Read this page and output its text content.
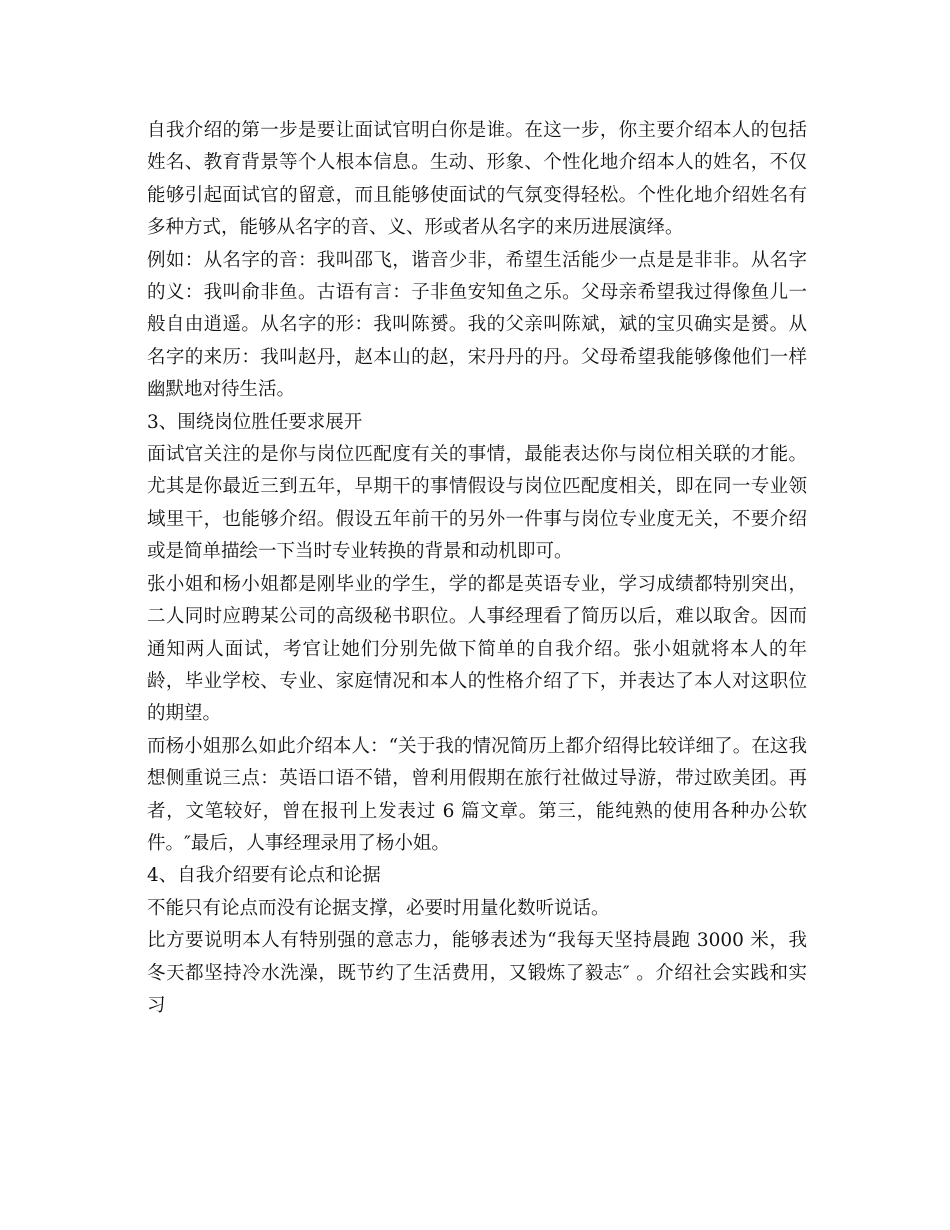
自我介绍的第一步是要让面试官明白你是谁。在这一步，你主要介绍本人的包括姓名、教育背景等个人根本信息。生动、形象、个性化地介绍本人的姓名，不仅能够引起面试官的留意，而且能够使面试的气氛变得轻松。个性化地介绍姓名有多种方式，能够从名字的音、义、形或者从名字的来历进展演绎。

例如：从名字的音：我叫邵飞，谐音少非，希望生活能少一点是是非非。从名字的义：我叫俞非鱼。古语有言：子非鱼安知鱼之乐。父母亲希望我过得像鱼儿一般自由逍遥。从名字的形：我叫陈赟。我的父亲叫陈斌，斌的宝贝确实是赟。从名字的来历：我叫赵丹，赵本山的赵，宋丹丹的丹。父母希望我能够像他们一样幽默地对待生活。

3、围绕岗位胜任要求展开

面试官关注的是你与岗位匹配度有关的事情，最能表达你与岗位相关联的才能。尤其是你最近三到五年，早期干的事情假设与岗位匹配度相关，即在同一专业领域里干，也能够介绍。假设五年前干的另外一件事与岗位专业度无关，不要介绍或是简单描绘一下当时专业转换的背景和动机即可。

张小姐和杨小姐都是刚毕业的学生，学的都是英语专业，学习成绩都特别突出，二人同时应聘某公司的高级秘书职位。人事经理看了简历以后，难以取舍。因而通知两人面试，考官让她们分别先做下简单的自我介绍。张小姐就将本人的年龄，毕业学校、专业、家庭情况和本人的性格介绍了下，并表达了本人对这职位的期望。

而杨小姐那么如此介绍本人：“关于我的情况简历上都介绍得比较详细了。在这我想侧重说三点：英语口语不错，曾利用假期在旅行社做过导游，带过欧美团。再者，文笔较好，曾在报刊上发表过 6 篇文章。第三，能纯熟的使用各种办公软件。″最后，人事经理录用了杨小姐。

4、自我介绍要有论点和论据

不能只有论点而没有论据支撑，必要时用量化数听说话。

比方要说明本人有特别强的意志力，能够表述为“我每天坚持晨跑 3000 米，我冬天都坚持冷水洗澡，既节约了生活费用，又锻炼了毅志″ 。介绍社会实践和实习
